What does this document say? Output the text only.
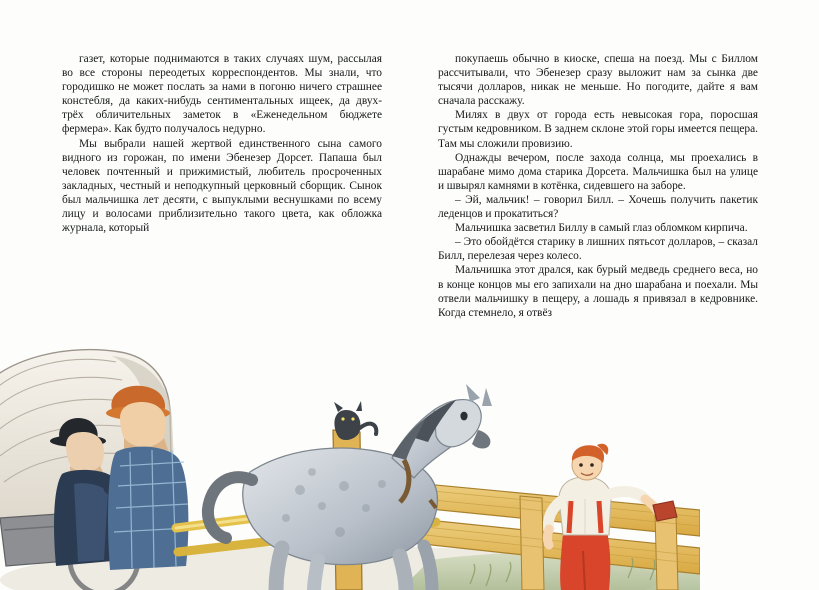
газет, которые поднимаются в таких случаях шум, рассылая во все стороны переодетых корреспондентов. Мы знали, что городишко не может послать за нами в погоню ничего страшнее констебля, да каких-нибудь сентиментальных ищеек, да двух-трёх обличительных заметок в «Еженедельном бюджете фермера». Как будто получалось недурно.

Мы выбрали нашей жертвой единственного сына самого видного из горожан, по имени Эбенезер Дорсет. Папаша был человек почтенный и прижимистый, любитель просроченных закладных, честный и неподкупный церковный сборщик. Сынок был мальчишка лет десяти, с выпуклыми веснушками по всему лицу и волосами приблизительно такого цвета, как обложка журнала, который

покупаешь обычно в киоске, спеша на поезд. Мы с Биллом рассчитывали, что Эбенезер сразу выложит нам за сынка две тысячи долларов, никак не меньше. Но погодите, дайте я вам сначала расскажу.

Милях в двух от города есть невысокая гора, поросшая густым кедровником. В заднем склоне этой горы имеется пещера. Там мы сложили провизию.

Однажды вечером, после захода солнца, мы проехались в шарабане мимо дома старика Дорсета. Мальчишка был на улице и швырял камнями в котёнка, сидевшего на заборе.

– Эй, мальчик! – говорил Билл. – Хочешь получить пакетик леденцов и прокатиться?

Мальчишка засветил Биллу в самый глаз обломком кирпича.

– Это обойдётся старику в лишних пятьсот долларов, – сказал Билл, перелезая через колесо.

Мальчишка этот дрался, как бурый медведь среднего веса, но в конце концов мы его запихали на дно шарабана и поехали. Мы отвели мальчишку в пещеру, а лошадь я привязал в кедровнике. Когда стемнело, я отвёз
